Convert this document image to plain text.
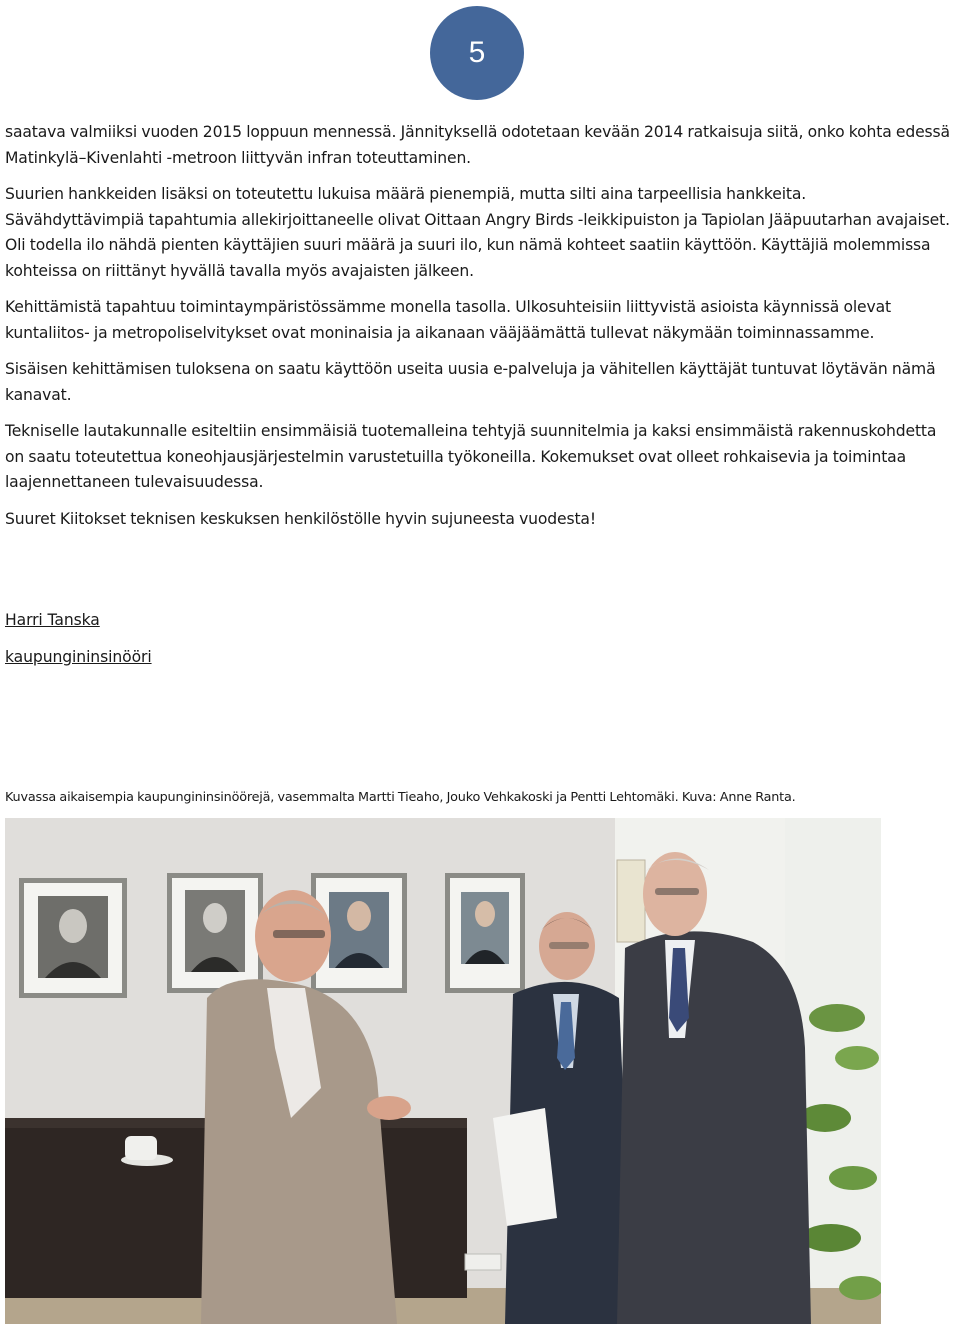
5

saatava valmiiksi vuoden 2015 loppuun mennessä. Jännityksellä odotetaan kevään 2014 ratkaisuja siitä, onko kohta edessä Matinkylä–Kivenlahti -metroon liittyvän infran toteuttaminen.

Suurien hankkeiden lisäksi on toteutettu lukuisa määrä pienempiä, mutta silti aina tarpeellisia hankkeita.

Sävähdyttävimpiä tapahtumia allekirjoittaneelle olivat Oittaan Angry Birds -leikkipuiston ja Tapiolan Jääpuutarhan avajaiset. Oli todella ilo nähdä pienten käyttäjien suuri määrä ja suuri ilo, kun nämä kohteet saatiin käyttöön. Käyttäjiä molemmissa kohteissa on riittänyt hyvällä tavalla myös avajaisten jälkeen.

Kehittämistä tapahtuu toimintaympäristössämme monella tasolla. Ulkosuhteisiin liittyvistä asioista käynnissä olevat kuntaliitos- ja metropoliselvitykset ovat moninaisia ja aikanaan vääjäämättä tullevat näkymään toiminnassamme.

Sisäisen kehittämisen tuloksena on saatu käyttöön useita uusia e-palveluja ja vähitellen käyttäjät tuntuvat löytävän nämä kanavat.

Tekniselle lautakunnalle esiteltiin ensimmäisiä tuotemalleina tehtyjä suunnitelmia ja kaksi ensimmäistä rakennuskohdetta on saatu toteutettua koneohjausjärjestelmin varustetuilla työkoneilla. Kokemukset ovat olleet rohkaisevia ja toimintaa laajennettaneen tulevaisuudessa.

Suuret Kiitokset teknisen keskuksen henkilöstölle hyvin sujuneesta vuodesta!

Harri Tanska
kaupungininsinööri
Kuvassa aikaisempia kaupungininsinöörejä, vasemmalta Martti Tieaho, Jouko Vehkakoski ja Pentti Lehtomäki. Kuva: Anne Ranta.
